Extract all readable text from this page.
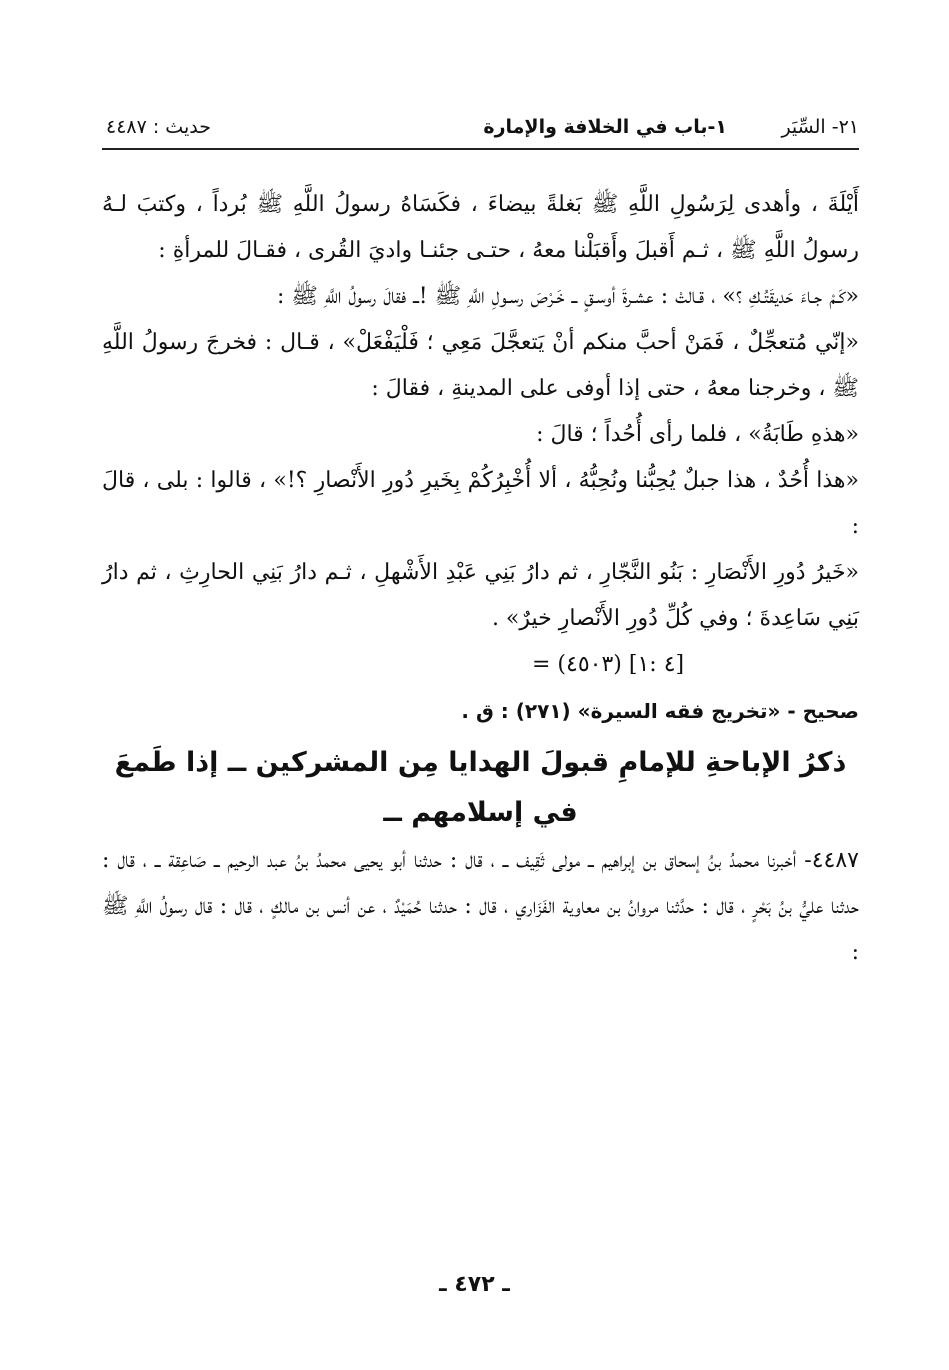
٢١- السِّيَر
١-باب في الخلافة والإمارة
حديث : ٤٤٨٧

أَيْلَةَ ، وأهدى لِرَسُولِ اللَّهِ ﷺ بَغلةً بيضاءَ ، فكَسَاهُ رسولُ اللَّهِ ﷺ بُرداً ، وكتبَ لـهُ رسولُ اللَّهِ ﷺ ، ثـم أَقبلَ وأَقبَلْنا معهُ ، حتـى جئنـا واديَ القُرى ، فقـالَ للمرأةِ :

«كَـمْ جـاءَ حَديقَتُـكِ ؟» ، قـالتْ : عشـرةَ أوسـقٍ ــ خَـرْصَ رسـولِ اللَّهِ ﷺ !ــ فقالَ رسولُ اللَّهِ ﷺ :

«إنّي مُتعجِّلٌ ، فَمَنْ أحبَّ منكم أنْ يَتعجَّلَ مَعِي ؛ فَلْيَفْعَلْ» ، قـال : فخرجَ رسولُ اللَّهِ ﷺ ، وخرجنا معهُ ، حتى إذا أوفى على المدينةِ ، فقالَ :

«هذهِ طَابَةُ» ، فلما رأى أُحُداً ؛ قالَ :

«هذا أُحُدٌ ، هذا جبلٌ يُحِبُّنا ونُحِبُّهُ ، ألا أُخْبِرُكُمْ بِخَيرِ دُورِ الأَنْصارِ ؟!» ، قالوا : بلى ، قالَ :

«خَيرُ دُورِ الأَنْصَارِ : بَنُو النَّجّارِ ، ثم دارُ بَنِي عَبْدِ الأَشْهلِ ، ثـم دارُ بَنِي الحارِثِ ، ثم دارُ بَنِي سَاعِدةَ ؛ وفي كُلِّ دُورِ الأَنْصارِ خيرٌ» .

= (٤٥٠٣) [٤ :١]

صحيح - «تخريج فقه السيرة» (٢٧١) : ق .

ذكرُ الإباحةِ للإمامِ قبولَ الهدايا مِن المشركين ــ إذا طَمعَ
في إسلامهم ــ

٤٤٨٧- أخبرنا محمدُ بنُ إسحاق بن إبراهيم ــ مولى ثَقِيف ــ ، قال : حدثنا أبو يحيى محمدُ بنُ عبد الرحيم ــ صَاعِقة ــ ، قال : حدثنا عليُّ بنُ بَحْرٍ ، قال : حدَّثنا مروانُ بن معاوية الفَزَاري ، قال : حدثنا حُمَيْدٌ ، عن أنس بن مالكٍ ، قال : قال رسولُ اللَّهِ ﷺ :

ـ ٤٧٢ ـ
